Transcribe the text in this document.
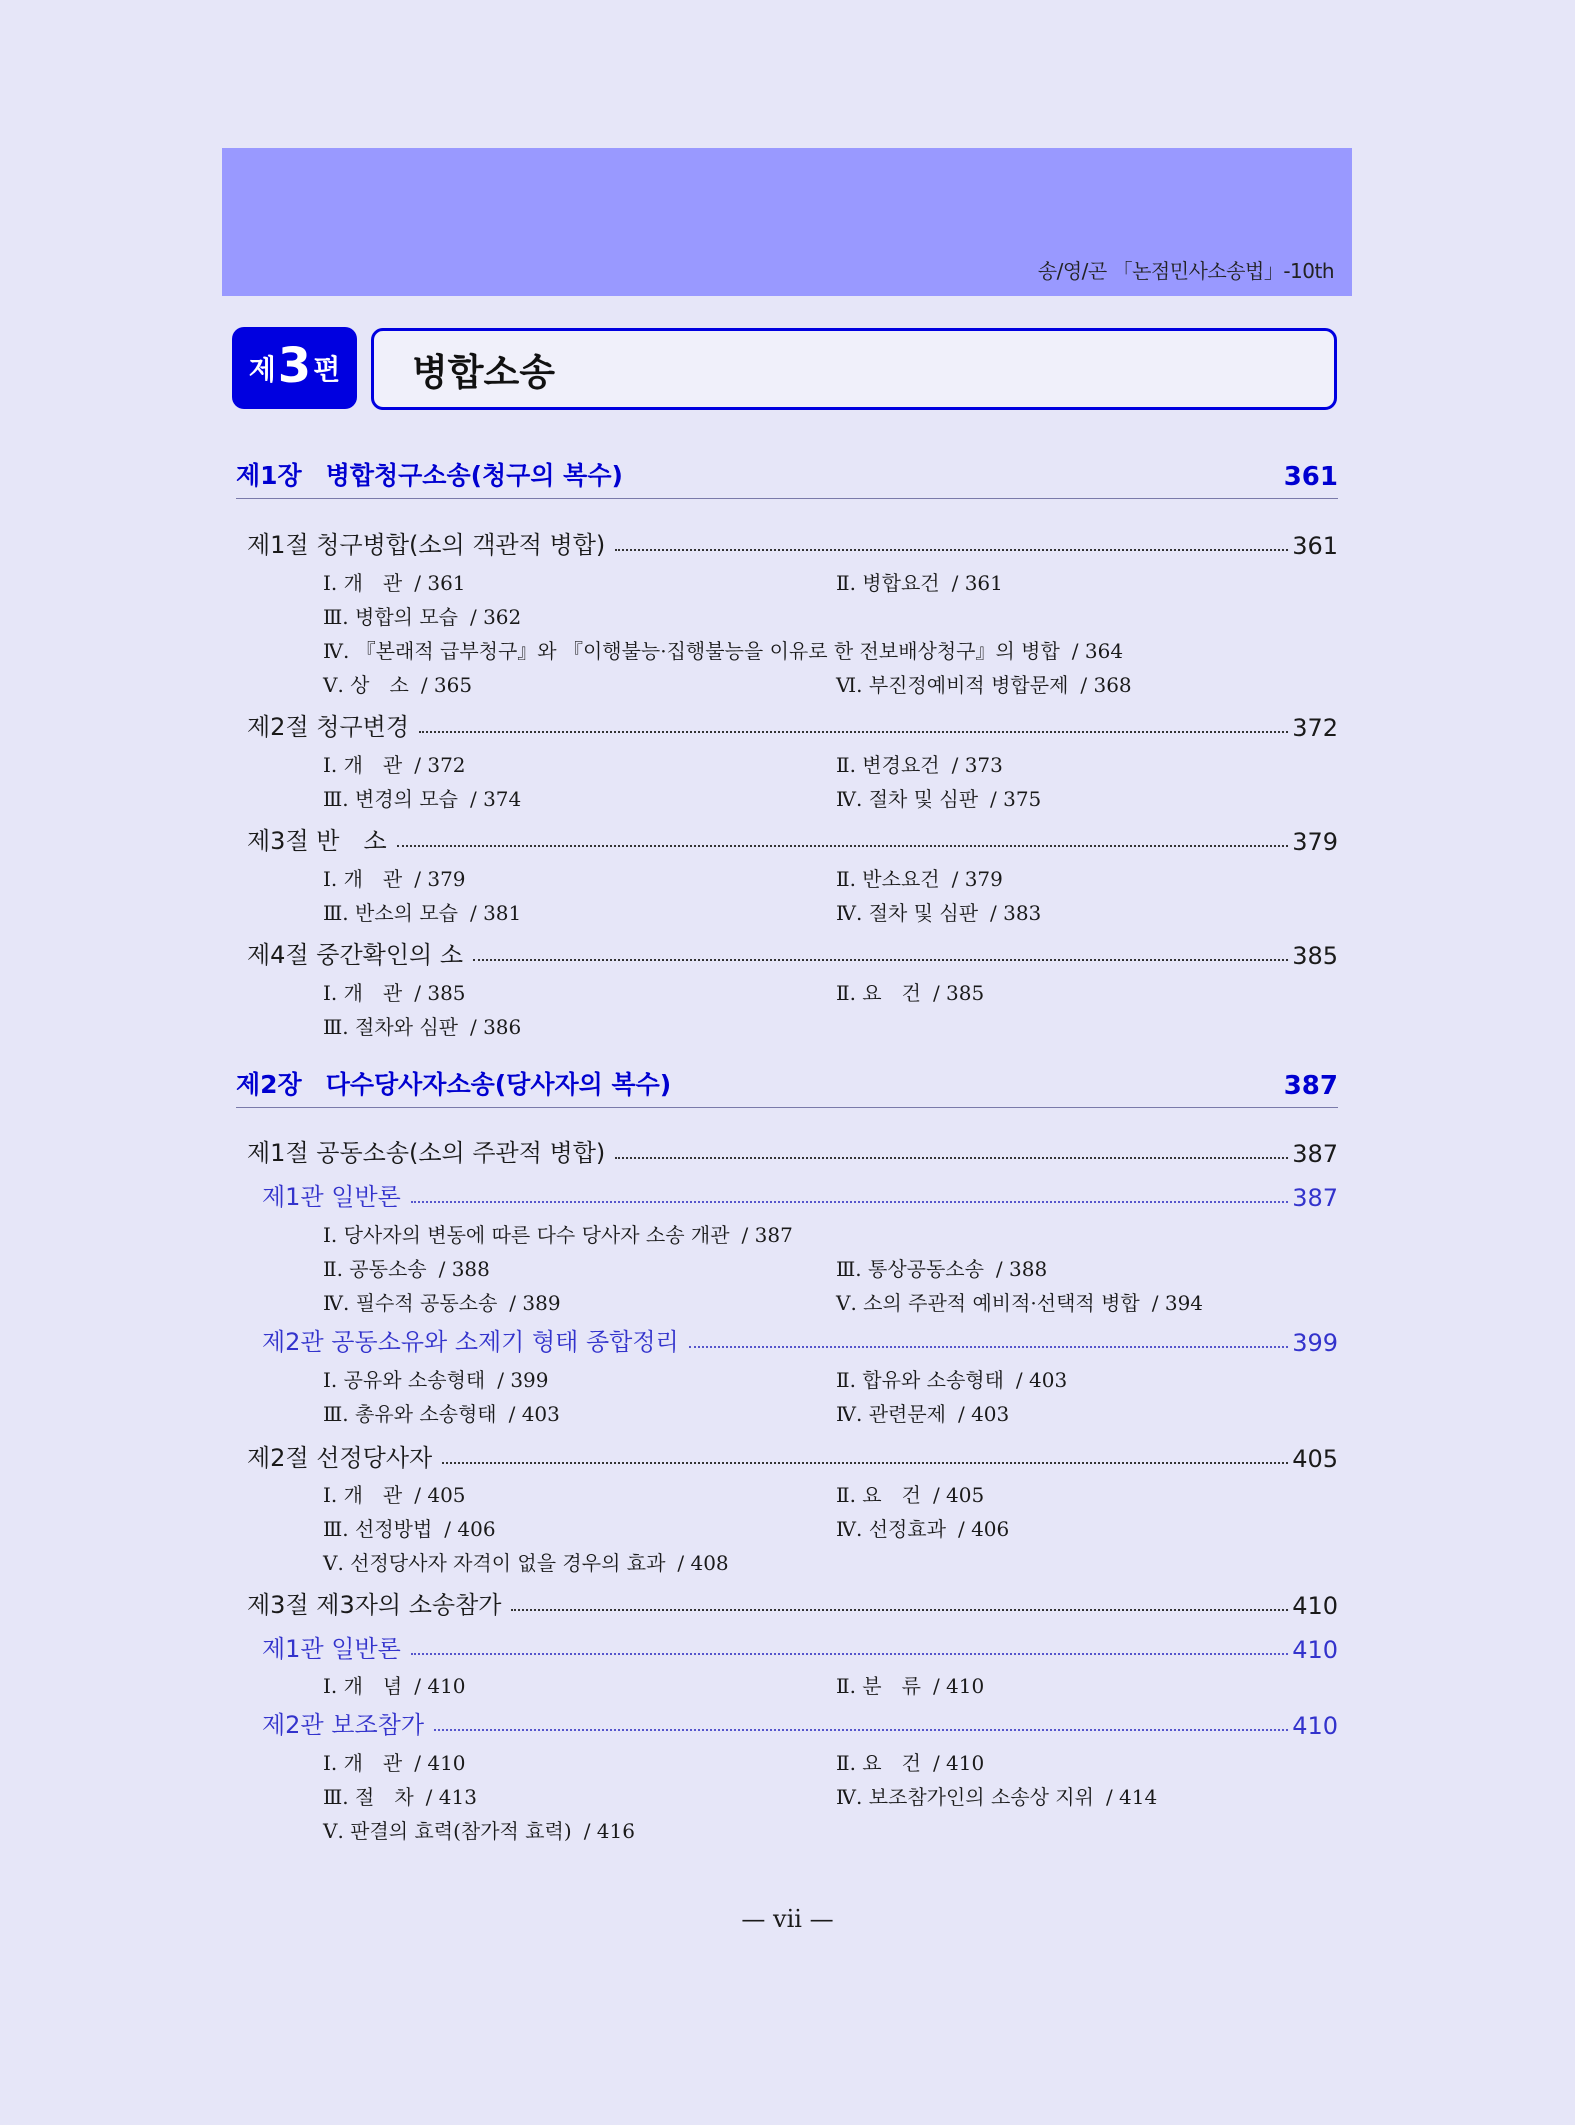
송/영/곤 「논점민사소송법」-10th
제 3 편 병합소송
제1장 병합청구소송(청구의 복수)	361
제1절 청구병합(소의 객관적 병합)	361
Ⅰ. 개　관 / 361	Ⅱ. 병합요건 / 361
Ⅲ. 병합의 모습 / 362
Ⅳ. 『본래적 급부청구』와 『이행불능·집행불능을 이유로 한 전보배상청구』의 병합 / 364
Ⅴ. 상　소 / 365	Ⅵ. 부진정예비적 병합문제 / 368
제2절 청구변경	372
Ⅰ. 개　관 / 372	Ⅱ. 변경요건 / 373
Ⅲ. 변경의 모습 / 374	Ⅳ. 절차 및 심판 / 375
제3절 반　소	379
Ⅰ. 개　관 / 379	Ⅱ. 반소요건 / 379
Ⅲ. 반소의 모습 / 381	Ⅳ. 절차 및 심판 / 383
제4절 중간확인의 소	385
Ⅰ. 개　관 / 385	Ⅱ. 요　건 / 385
Ⅲ. 절차와 심판 / 386
제2장 다수당사자소송(당사자의 복수)	387
제1절 공동소송(소의 주관적 병합)	387
제1관 일반론	387
Ⅰ. 당사자의 변동에 따른 다수 당사자 소송 개관 / 387
Ⅱ. 공동소송 / 388	Ⅲ. 통상공동소송 / 388
Ⅳ. 필수적 공동소송 / 389	Ⅴ. 소의 주관적 예비적·선택적 병합 / 394
제2관 공동소유와 소제기 형태 종합정리	399
Ⅰ. 공유와 소송형태 / 399	Ⅱ. 합유와 소송형태 / 403
Ⅲ. 총유와 소송형태 / 403	Ⅳ. 관련문제 / 403
제2절 선정당사자	405
Ⅰ. 개　관 / 405	Ⅱ. 요　건 / 405
Ⅲ. 선정방법 / 406	Ⅳ. 선정효과 / 406
Ⅴ. 선정당사자 자격이 없을 경우의 효과 / 408
제3절 제3자의 소송참가	410
제1관 일반론	410
Ⅰ. 개　념 / 410	Ⅱ. 분　류 / 410
제2관 보조참가	410
Ⅰ. 개　관 / 410	Ⅱ. 요　건 / 410
Ⅲ. 절　차 / 413	Ⅳ. 보조참가인의 소송상 지위 / 414
Ⅴ. 판결의 효력(참가적 효력) / 416
— vii —
